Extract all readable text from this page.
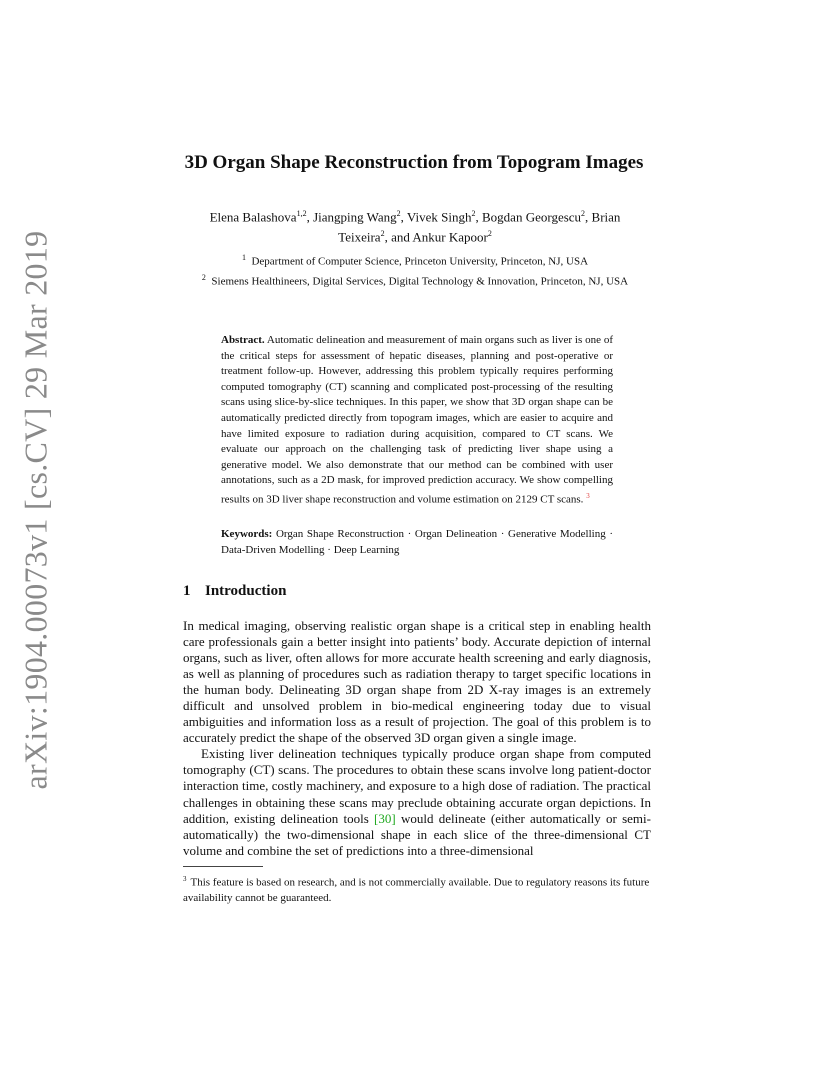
arXiv:1904.00073v1 [cs.CV] 29 Mar 2019
3D Organ Shape Reconstruction from Topogram Images
Elena Balashova$^{1,2}$, Jiangping Wang$^2$, Vivek Singh$^2$, Bogdan Georgescu$^2$, Brian Teixeira$^2$, and Ankur Kapoor$^2$
$^1$ Department of Computer Science, Princeton University, Princeton, NJ, USA
$^2$ Siemens Healthineers, Digital Services, Digital Technology & Innovation, Princeton, NJ, USA
Abstract. Automatic delineation and measurement of main organs such as liver is one of the critical steps for assessment of hepatic diseases, planning and post-operative or treatment follow-up. However, addressing this problem typically requires performing computed tomography (CT) scanning and complicated post-processing of the resulting scans using slice-by-slice techniques. In this paper, we show that 3D organ shape can be automatically predicted directly from topogram images, which are easier to acquire and have limited exposure to radiation during acquisition, compared to CT scans. We evaluate our approach on the challenging task of predicting liver shape using a generative model. We also demonstrate that our method can be combined with user annotations, such as a 2D mask, for improved prediction accuracy. We show compelling results on 3D liver shape reconstruction and volume estimation on 2129 CT scans. $^3$
Keywords: Organ Shape Reconstruction · Organ Delineation · Generative Modelling · Data-Driven Modelling · Deep Learning
1 Introduction

In medical imaging, observing realistic organ shape is a critical step in enabling health care professionals gain a better insight into patients’ body. Accurate depiction of internal organs, such as liver, often allows for more accurate health screening and early diagnosis, as well as planning of procedures such as radiation therapy to target specific locations in the human body. Delineating 3D organ shape from 2D X-ray images is an extremely difficult and unsolved problem in bio-medical engineering today due to visual ambiguities and information loss as a result of projection. The goal of this problem is to accurately predict the shape of the observed 3D organ given a single image.

Existing liver delineation techniques typically produce organ shape from computed tomography (CT) scans. The procedures to obtain these scans involve long patient-doctor interaction time, costly machinery, and exposure to a high dose of radiation. The practical challenges in obtaining these scans may preclude obtaining accurate organ depictions. In addition, existing delineation tools [30] would delineate (either automatically or semi-automatically) the two-dimensional shape in each slice of the three-dimensional CT volume and combine the set of predictions into a three-dimensional

$^3$ This feature is based on research, and is not commercially available. Due to regulatory reasons its future availability cannot be guaranteed.
